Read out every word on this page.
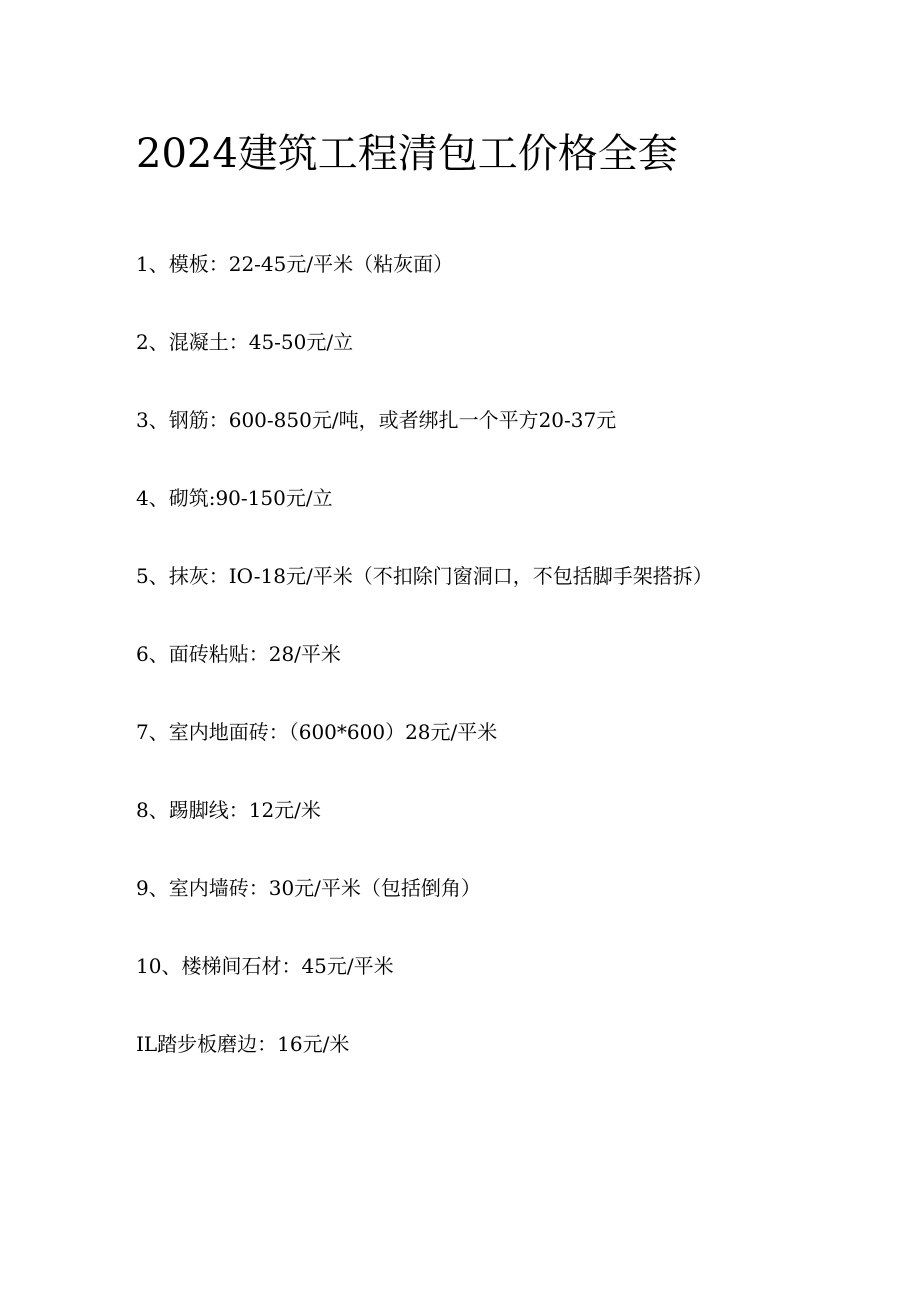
2024建筑工程清包工价格全套
1、模板：22-45元/平米（粘灰面）
2、混凝土：45-50元/立
3、钢筋：600-850元/吨，或者绑扎一个平方20-37元
4、砌筑:90-150元/立
5、抹灰：IO-18元/平米（不扣除门窗洞口，不包括脚手架搭拆）
6、面砖粘贴：28/平米
7、室内地面砖：（600*600）28元/平米
8、踢脚线：12元/米
9、室内墙砖：30元/平米（包括倒角）
10、楼梯间石材：45元/平米
IL踏步板磨边：16元/米
